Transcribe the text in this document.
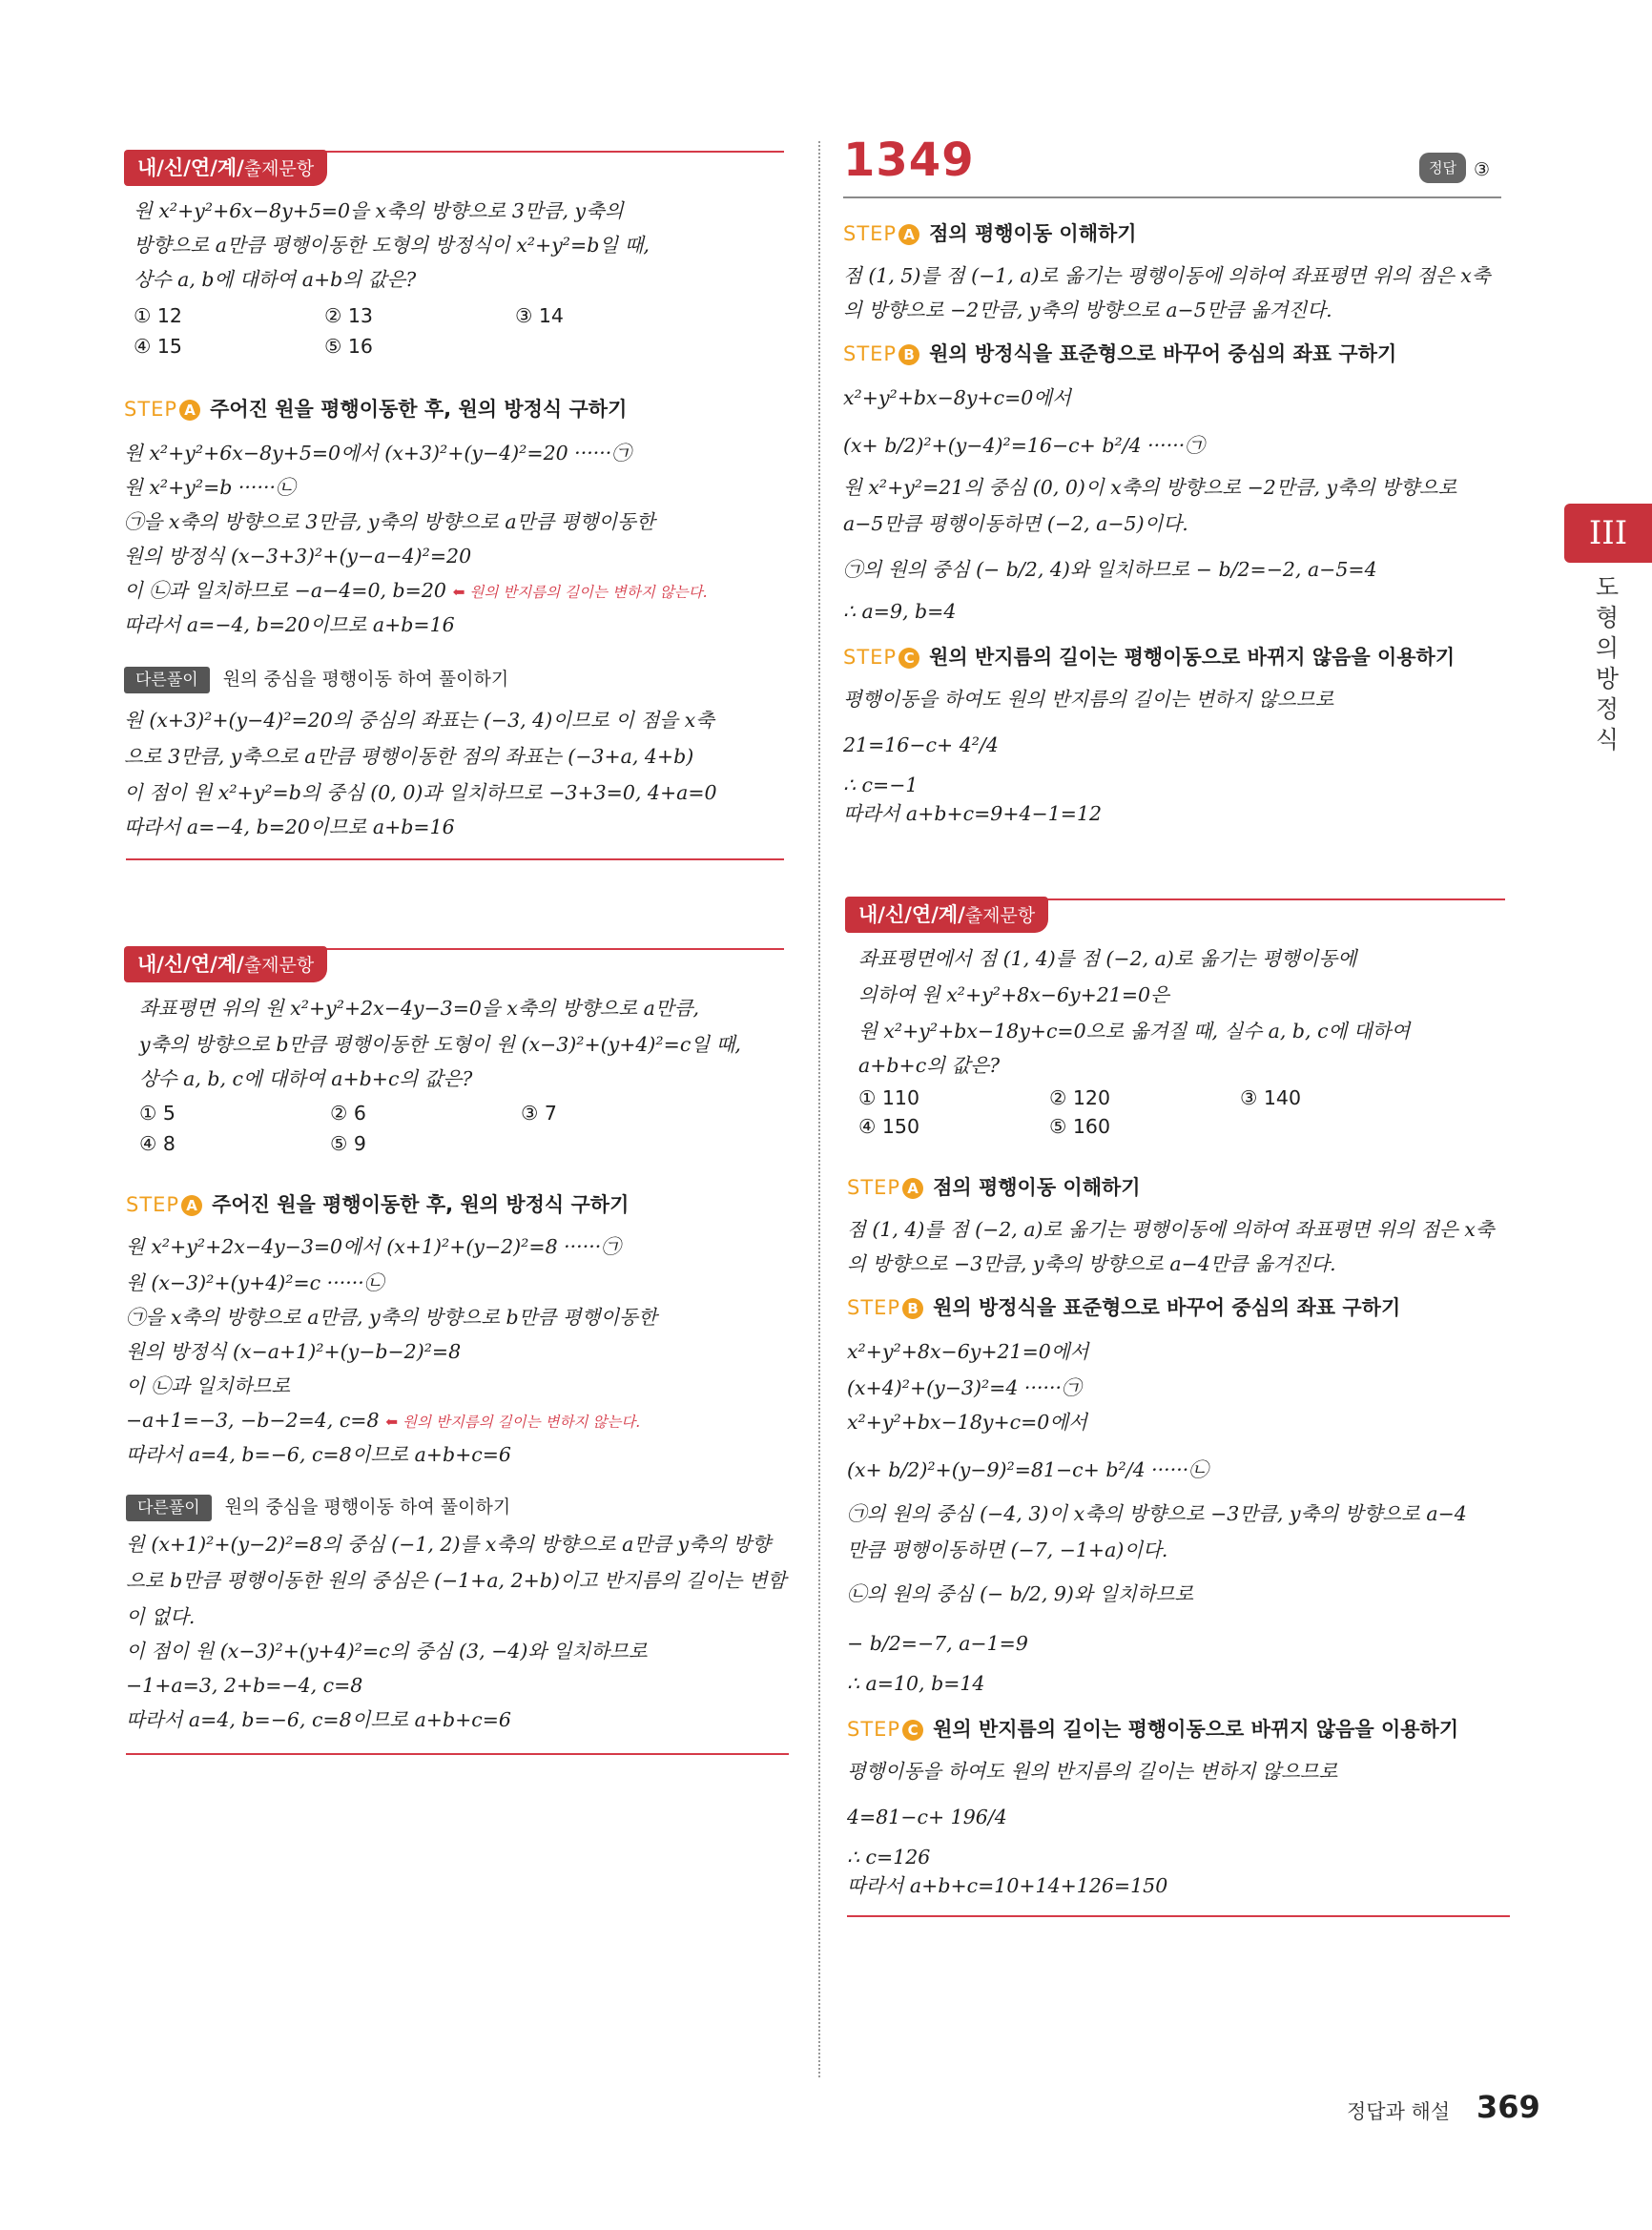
내/신/연/계/출제문항
원 x²+y²+6x−8y+5=0을 x축의 방향으로 3만큼, y축의
방향으로 a만큼 평행이동한 도형의 방정식이 x²+y²=b일 때,
상수 a, b에 대하여 a+b의 값은?
① 12	② 13	③ 14
④ 15	⑤ 16
STEP A 주어진 원을 평행이동한 후, 원의 방정식 구하기
원 x²+y²+6x−8y+5=0에서 (x+3)²+(y−4)²=20 ······㉠
원 x²+y²=b ······㉡
㉠을 x축의 방향으로 3만큼, y축의 방향으로 a만큼 평행이동한
원의 방정식 (x−3+3)²+(y−a−4)²=20
이 ㉡과 일치하므로 −a−4=0, b=20 ⬅ 원의 반지름의 길이는 변하지 않는다.
따라서 a=−4, b=20이므로 a+b=16
다른풀이 원의 중심을 평행이동 하여 풀이하기
원 (x+3)²+(y−4)²=20의 중심의 좌표는 (−3, 4)이므로 이 점을 x축
으로 3만큼, y축으로 a만큼 평행이동한 점의 좌표는 (−3+a, 4+b)
이 점이 원 x²+y²=b의 중심 (0, 0)과 일치하므로 −3+3=0, 4+a=0
따라서 a=−4, b=20이므로 a+b=16
내/신/연/계/출제문항
좌표평면 위의 원 x²+y²+2x−4y−3=0을 x축의 방향으로 a만큼,
y축의 방향으로 b만큼 평행이동한 도형이 원 (x−3)²+(y+4)²=c일 때,
상수 a, b, c에 대하여 a+b+c의 값은?
① 5	② 6	③ 7
④ 8	⑤ 9
STEP A 주어진 원을 평행이동한 후, 원의 방정식 구하기
원 x²+y²+2x−4y−3=0에서 (x+1)²+(y−2)²=8 ······㉠
원 (x−3)²+(y+4)²=c ······㉡
㉠을 x축의 방향으로 a만큼, y축의 방향으로 b만큼 평행이동한
원의 방정식 (x−a+1)²+(y−b−2)²=8
이 ㉡과 일치하므로
−a+1=−3, −b−2=4, c=8 ⬅ 원의 반지름의 길이는 변하지 않는다.
따라서 a=4, b=−6, c=8이므로 a+b+c=6
다른풀이 원의 중심을 평행이동 하여 풀이하기
원 (x+1)²+(y−2)²=8의 중심 (−1, 2)를 x축의 방향으로 a만큼 y축의 방향
으로 b만큼 평행이동한 원의 중심은 (−1+a, 2+b)이고 반지름의 길이는 변함
이 없다.
이 점이 원 (x−3)²+(y+4)²=c의 중심 (3, −4)와 일치하므로
−1+a=3, 2+b=−4, c=8
따라서 a=4, b=−6, c=8이므로 a+b+c=6
1349	정답 ③
STEP A 점의 평행이동 이해하기
점 (1, 5)를 점 (−1, a)로 옮기는 평행이동에 의하여 좌표평면 위의 점은 x축
의 방향으로 −2만큼, y축의 방향으로 a−5만큼 옮겨진다.
STEP B 원의 방정식을 표준형으로 바꾸어 중심의 좌표 구하기
x²+y²+bx−8y+c=0에서
(x+ b/2)²+(y−4)²=16−c+ b²/4 ······㉠
원 x²+y²=21의 중심 (0, 0)이 x축의 방향으로 −2만큼, y축의 방향으로
a−5만큼 평행이동하면 (−2, a−5)이다.
㉠의 원의 중심 (− b/2, 4)와 일치하므로 − b/2=−2, a−5=4
∴ a=9, b=4
STEP C 원의 반지름의 길이는 평행이동으로 바뀌지 않음을 이용하기
평행이동을 하여도 원의 반지름의 길이는 변하지 않으므로
21=16−c+ 4²/4
∴ c=−1
따라서 a+b+c=9+4−1=12
내/신/연/계/출제문항
좌표평면에서 점 (1, 4)를 점 (−2, a)로 옮기는 평행이동에
의하여 원 x²+y²+8x−6y+21=0은
원 x²+y²+bx−18y+c=0으로 옮겨질 때, 실수 a, b, c에 대하여
a+b+c의 값은?
① 110	② 120	③ 140
④ 150	⑤ 160
STEP A 점의 평행이동 이해하기
점 (1, 4)를 점 (−2, a)로 옮기는 평행이동에 의하여 좌표평면 위의 점은 x축
의 방향으로 −3만큼, y축의 방향으로 a−4만큼 옮겨진다.
STEP B 원의 방정식을 표준형으로 바꾸어 중심의 좌표 구하기
x²+y²+8x−6y+21=0에서
(x+4)²+(y−3)²=4 ······㉠
x²+y²+bx−18y+c=0에서
(x+ b/2)²+(y−9)²=81−c+ b²/4 ······㉡
㉠의 원의 중심 (−4, 3)이 x축의 방향으로 −3만큼, y축의 방향으로 a−4
만큼 평행이동하면 (−7, −1+a)이다.
㉡의 원의 중심 (− b/2, 9)와 일치하므로
− b/2=−7, a−1=9
∴ a=10, b=14
STEP C 원의 반지름의 길이는 평행이동으로 바뀌지 않음을 이용하기
평행이동을 하여도 원의 반지름의 길이는 변하지 않으므로
4=81−c+ 196/4
∴ c=126
따라서 a+b+c=10+14+126=150
III
도형의 방정식
정답과 해설 369
